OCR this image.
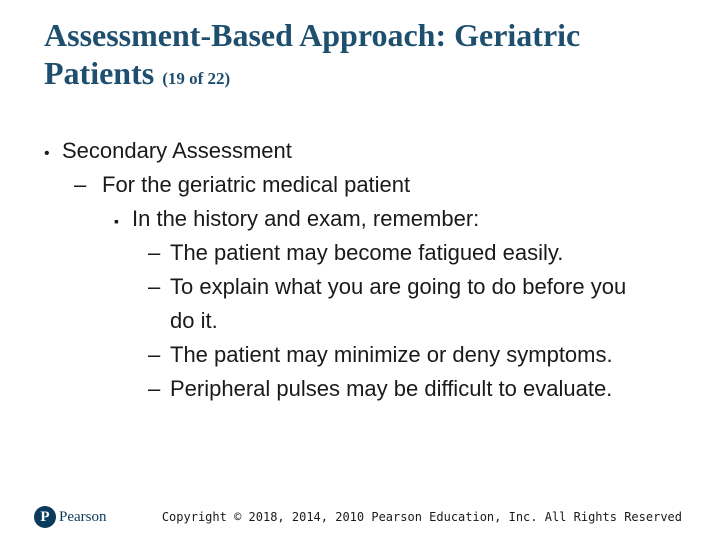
Assessment-Based Approach: Geriatric
Patients (19 of 22)
• Secondary Assessment
– For the geriatric medical patient
▪ In the history and exam, remember:
– The patient may become fatigued easily.
– To explain what you are going to do before you
do it.
– The patient may minimize or deny symptoms.
– Peripheral pulses may be difficult to evaluate.
P Pearson	Copyright © 2018, 2014, 2010 Pearson Education, Inc. All Rights Reserved
